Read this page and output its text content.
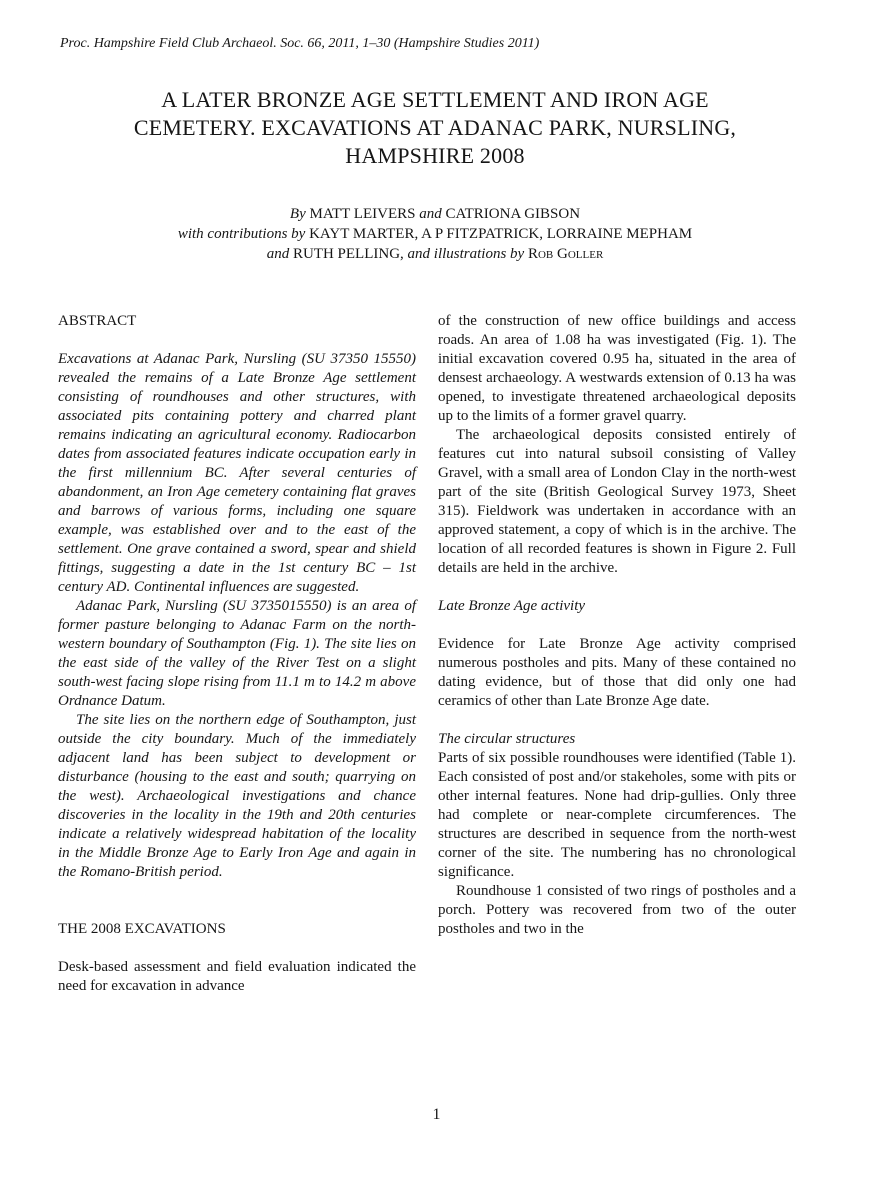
Proc. Hampshire Field Club Archaeol. Soc. 66, 2011, 1–30 (Hampshire Studies 2011)
A LATER BRONZE AGE SETTLEMENT AND IRON AGE
CEMETERY. EXCAVATIONS AT ADANAC PARK, NURSLING,
HAMPSHIRE 2008
By MATT LEIVERS and CATRIONA GIBSON
with contributions by KAYT MARTER, A P FITZPATRICK, LORRAINE MEPHAM
and RUTH PELLING, and illustrations by Rob Goller

ABSTRACT

Excavations at Adanac Park, Nursling (SU 37350 15550) revealed the remains of a Late Bronze Age settlement consisting of roundhouses and other structures, with associated pits containing pottery and charred plant remains indicating an agricultural economy. Radiocarbon dates from associated features indicate occupation early in the first millennium BC. After several centuries of abandonment, an Iron Age cemetery containing flat graves and barrows of various forms, including one square example, was established over and to the east of the settlement. One grave contained a sword, spear and shield fittings, suggesting a date in the 1st century BC – 1st century AD. Continental influences are suggested.

Adanac Park, Nursling (SU 3735015550) is an area of former pasture belonging to Adanac Farm on the north-western boundary of Southampton (Fig. 1). The site lies on the east side of the valley of the River Test on a slight south-west facing slope rising from 11.1 m to 14.2 m above Ordnance Datum.

The site lies on the northern edge of Southampton, just outside the city boundary. Much of the immediately adjacent land has been subject to development or disturbance (housing to the east and south; quarrying on the west). Archaeological investigations and chance discoveries in the locality in the 19th and 20th centuries indicate a relatively widespread habitation of the locality in the Middle Bronze Age to Early Iron Age and again in the Romano-British period.

THE 2008 EXCAVATIONS

Desk-based assessment and field evaluation indicated the need for excavation in advance

of the construction of new office buildings and access roads. An area of 1.08 ha was investigated (Fig. 1). The initial excavation covered 0.95 ha, situated in the area of densest archaeology. A westwards extension of 0.13 ha was opened, to investigate threatened archaeological deposits up to the limits of a former gravel quarry.

The archaeological deposits consisted entirely of features cut into natural subsoil consisting of Valley Gravel, with a small area of London Clay in the north-west part of the site (British Geological Survey 1973, Sheet 315). Fieldwork was undertaken in accordance with an approved statement, a copy of which is in the archive. The location of all recorded features is shown in Figure 2. Full details are held in the archive.

Late Bronze Age activity

Evidence for Late Bronze Age activity comprised numerous postholes and pits. Many of these contained no dating evidence, but of those that did only one had ceramics of other than Late Bronze Age date.

The circular structures

Parts of six possible roundhouses were identified (Table 1). Each consisted of post and/or stakeholes, some with pits or other internal features. None had drip-gullies. Only three had complete or near-complete circumferences. The structures are described in sequence from the north-west corner of the site. The numbering has no chronological significance.

Roundhouse 1 consisted of two rings of postholes and a porch. Pottery was recovered from two of the outer postholes and two in the

1
